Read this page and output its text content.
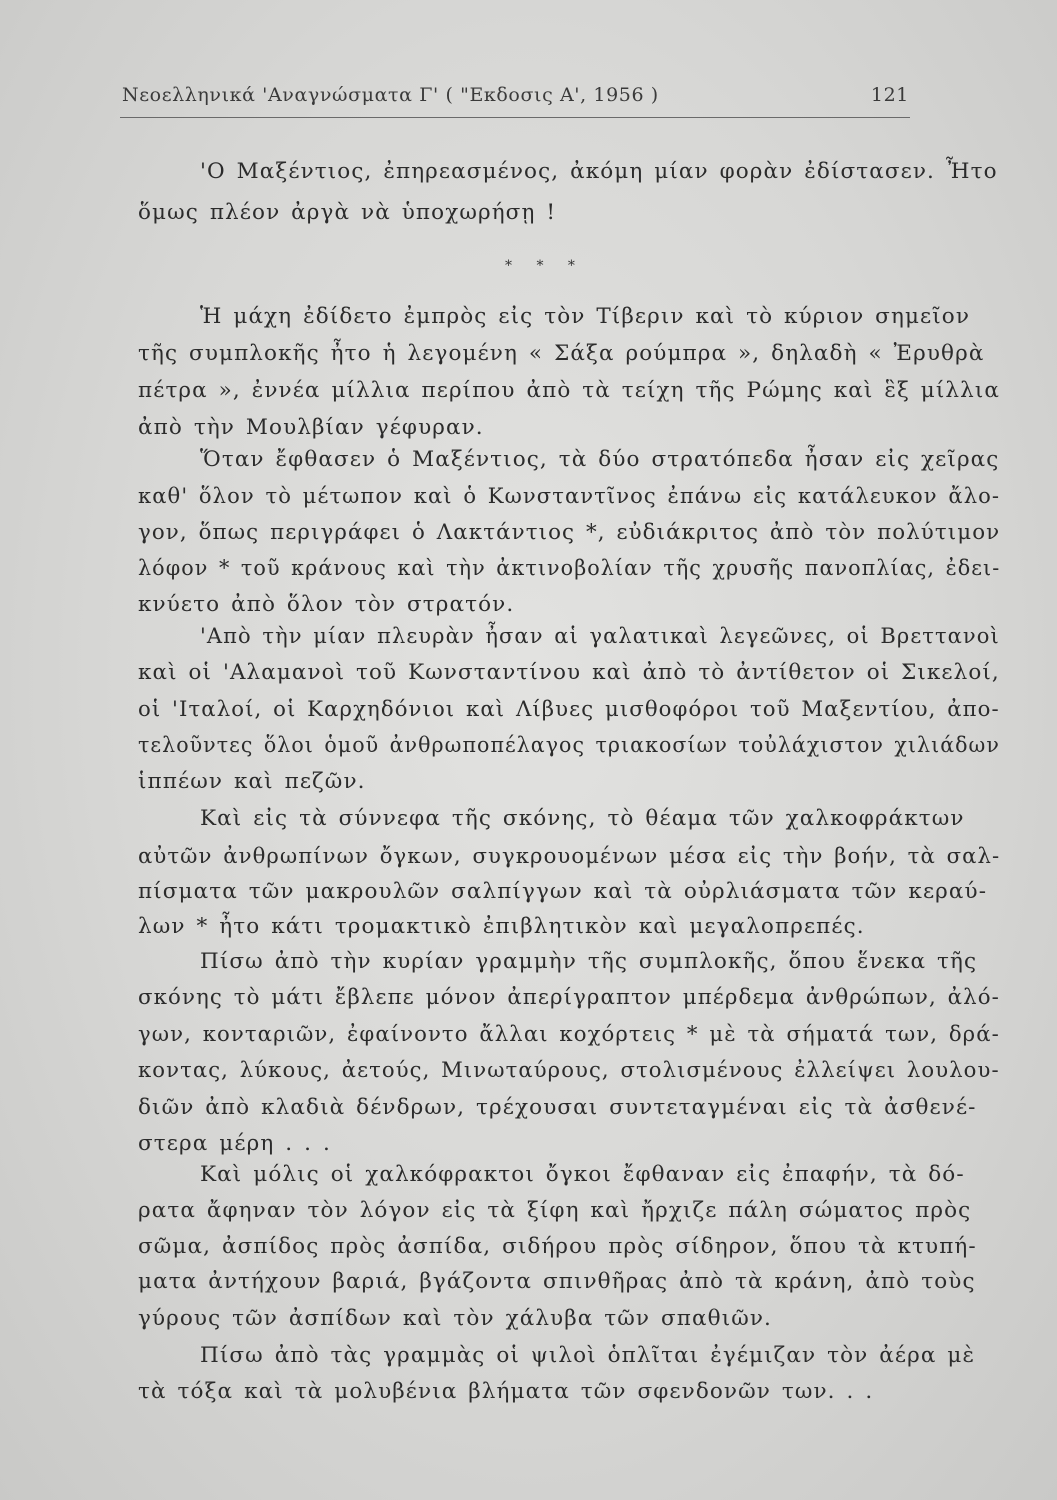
Νεοελληνικά 'Αναγνώσματα Γ' ( "Εκδοσις Α', 1956 )	121
'Ο Μαξέντιος, ἐπηρεασμένος, ἀκόμη μίαν φορὰν ἐδίστασεν. Ἦτο
ὅμως πλέον ἀργὰ νὰ ὑποχωρήσῃ !
Ἡ μάχη ἐδίδετο ἐμπρὸς εἰς τὸν Τίβεριν καὶ τὸ κύριον σημεῖον
τῆς συμπλοκῆς ἦτο ἡ λεγομένη « Σάξα ρούμπρα », δηλαδὴ « Ἐρυθρὰ
πέτρα », ἐννέα μίλλια περίπου ἀπὸ τὰ τείχη τῆς Ρώμης καὶ ἓξ μίλλια
ἀπὸ τὴν Μουλβίαν γέφυραν.
Ὅταν ἔφθασεν ὁ Μαξέντιος, τὰ δύο στρατόπεδα ἦσαν εἰς χεῖρας
καθ' ὅλον τὸ μέτωπον καὶ ὁ Κωνσταντῖνος ἐπάνω εἰς κατάλευκον ἄλο-
γον, ὅπως περιγράφει ὁ Λακτάντιος *, εὐδιάκριτος ἀπὸ τὸν πολύτιμον
λόφον * τοῦ κράνους καὶ τὴν ἀκτινοβολίαν τῆς χρυσῆς πανοπλίας, ἐδει-
κνύετο ἀπὸ ὅλον τὸν στρατόν.
'Απὸ τὴν μίαν πλευρὰν ἦσαν αἱ γαλατικαὶ λεγεῶνες, οἱ Βρεττανοὶ
καὶ οἱ 'Αλαμανοὶ τοῦ Κωνσταντίνου καὶ ἀπὸ τὸ ἀντίθετον οἱ Σικελοί,
οἱ 'Ιταλοί, οἱ Καρχηδόνιοι καὶ Λίβυες μισθοφόροι τοῦ Μαξεντίου, ἀπο-
τελοῦντες ὅλοι ὁμοῦ ἀνθρωποπέλαγος τριακοσίων τοὐλάχιστον χιλιάδων
ἱππέων καὶ πεζῶν.
Καὶ εἰς τὰ σύννεφα τῆς σκόνης, τὸ θέαμα τῶν χαλκοφράκτων
αὐτῶν ἀνθρωπίνων ὄγκων, συγκρουομένων μέσα εἰς τὴν βοήν, τὰ σαλ-
πίσματα τῶν μακρουλῶν σαλπίγγων καὶ τὰ οὐρλιάσματα τῶν κεραύ-
λων * ἦτο κάτι τρομακτικὸ ἐπιβλητικὸν καὶ μεγαλοπρεπές.
Πίσω ἀπὸ τὴν κυρίαν γραμμὴν τῆς συμπλοκῆς, ὅπου ἕνεκα τῆς
σκόνης τὸ μάτι ἔβλεπε μόνον ἀπερίγραπτον μπέρδεμα ἀνθρώπων, ἀλό-
γων, κονταριῶν, ἐφαίνοντο ἄλλαι κοχόρτεις * μὲ τὰ σήματά των, δρά-
κοντας, λύκους, ἀετούς, Μινωταύρους, στολισμένους ἐλλείψει λουλου-
διῶν ἀπὸ κλαδιὰ δένδρων, τρέχουσαι συντεταγμέναι εἰς τὰ ἀσθενέ-
στερα μέρη . . .
Καὶ μόλις οἱ χαλκόφρακτοι ὄγκοι ἔφθαναν εἰς ἐπαφήν, τὰ δό-
ρατα ἄφηναν τὸν λόγον εἰς τὰ ξίφη καὶ ἤρχιζε πάλη σώματος πρὸς
σῶμα, ἀσπίδος πρὸς ἀσπίδα, σιδήρου πρὸς σίδηρον, ὅπου τὰ κτυπή-
ματα ἀντήχουν βαριά, βγάζοντα σπινθῆρας ἀπὸ τὰ κράνη, ἀπὸ τοὺς
γύρους τῶν ἀσπίδων καὶ τὸν χάλυβα τῶν σπαθιῶν.
Πίσω ἀπὸ τὰς γραμμὰς οἱ ψιλοὶ ὁπλῖται ἐγέμιζαν τὸν ἀέρα μὲ
τὰ τόξα καὶ τὰ μολυβένια βλήματα τῶν σφενδονῶν των. . .
* * *
